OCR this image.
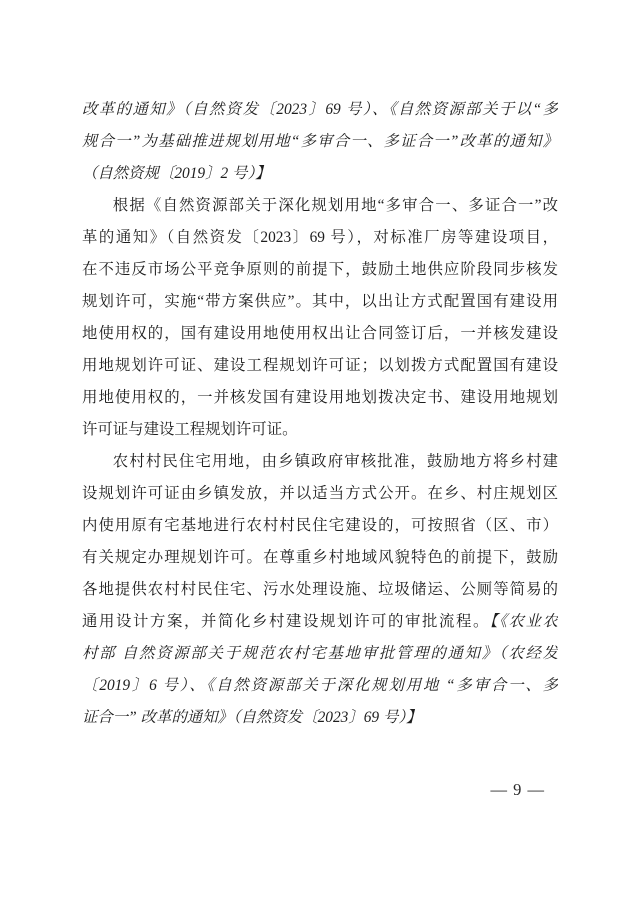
改革的通知》（自然资发〔2023〕69 号）、《自然资源部关于以“多
规合一”为基础推进规划用地“多审合一、多证合一”改革的通知》
（自然资规〔2019〕2 号）】
根据《自然资源部关于深化规划用地“多审合一、多证合一”改
革的通知》（自然资发〔2023〕69 号），对标准厂房等建设项目，
在不违反市场公平竞争原则的前提下，鼓励土地供应阶段同步核发
规划许可，实施“带方案供应”。其中，以出让方式配置国有建设用
地使用权的，国有建设用地使用权出让合同签订后，一并核发建设
用地规划许可证、建设工程规划许可证；以划拨方式配置国有建设
用地使用权的，一并核发国有建设用地划拨决定书、建设用地规划
许可证与建设工程规划许可证。
农村村民住宅用地，由乡镇政府审核批准，鼓励地方将乡村建
设规划许可证由乡镇发放，并以适当方式公开。在乡、村庄规划区
内使用原有宅基地进行农村村民住宅建设的，可按照省（区、市）
有关规定办理规划许可。在尊重乡村地域风貌特色的前提下，鼓励
各地提供农村村民住宅、污水处理设施、垃圾储运、公厕等简易的
通用设计方案，并简化乡村建设规划许可的审批流程。【《农业农
村部 自然资源部关于规范农村宅基地审批管理的通知》（农经发
〔2019〕6 号）、《自然资源部关于深化规划用地 “多审合一、多
证合一” 改革的通知》（自然资发〔2023〕69 号）】
— 9 —
